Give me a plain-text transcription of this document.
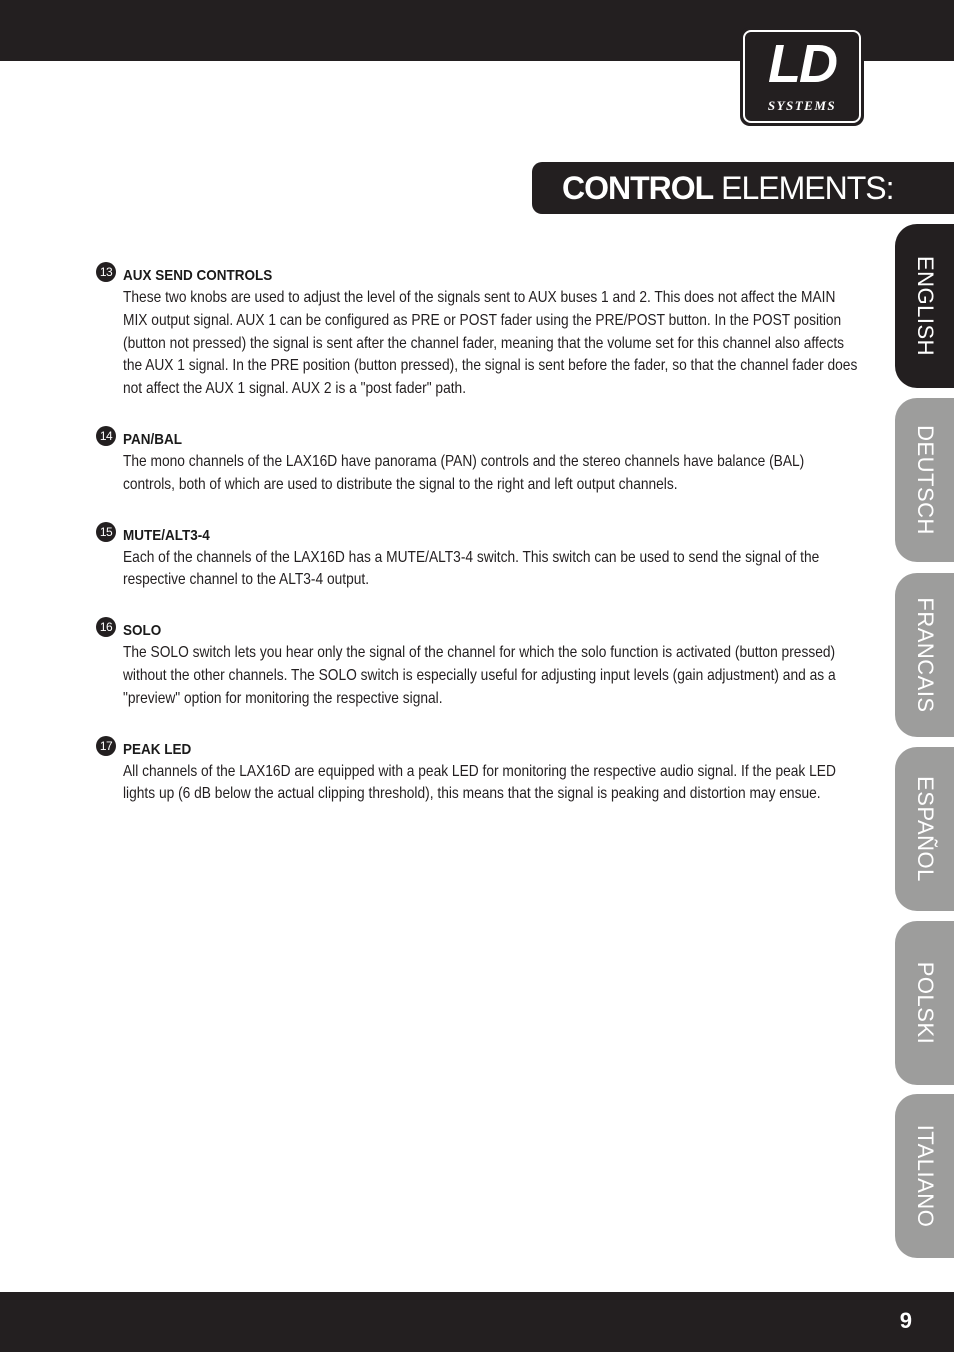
LD
SYSTEMS
CONTROL ELEMENTS:
13 AUX SEND CONTROLS
These two knobs are used to adjust the level of the signals sent to AUX buses 1 and 2. This does not affect the MAIN MIX output signal. AUX 1 can be configured as PRE or POST fader using the PRE/POST button. In the POST position (button not pressed) the signal is sent after the channel fader, meaning that the volume set for this channel also affects the AUX 1 signal. In the PRE position (button pressed), the signal is sent before the fader, so that the channel fader does not affect the AUX 1 signal. AUX 2 is a "post fader" path.
14 PAN/BAL
The mono channels of the LAX16D have panorama (PAN) controls and the stereo channels have balance (BAL) controls, both of which are used to distribute the signal to the right and left output channels.
15 MUTE/ALT3-4
Each of the channels of the LAX16D has a MUTE/ALT3-4 switch. This switch can be used to send the signal of the respective channel to the ALT3-4 output.
16 SOLO
The SOLO switch lets you hear only the signal of the channel for which the solo function is activated (button pressed) without the other channels. The SOLO switch is especially useful for adjusting input levels (gain adjustment) and as a "preview" option for monitoring the respective signal.
17 PEAK LED
All channels of the LAX16D are equipped with a peak LED for monitoring the respective audio signal. If the peak LED lights up (6 dB below the actual clipping threshold), this means that the signal is peaking and distortion may ensue.
ENGLISH
DEUTSCH
FRANCAIS
ESPAÑOL
POLSKI
ITALIANO
9
